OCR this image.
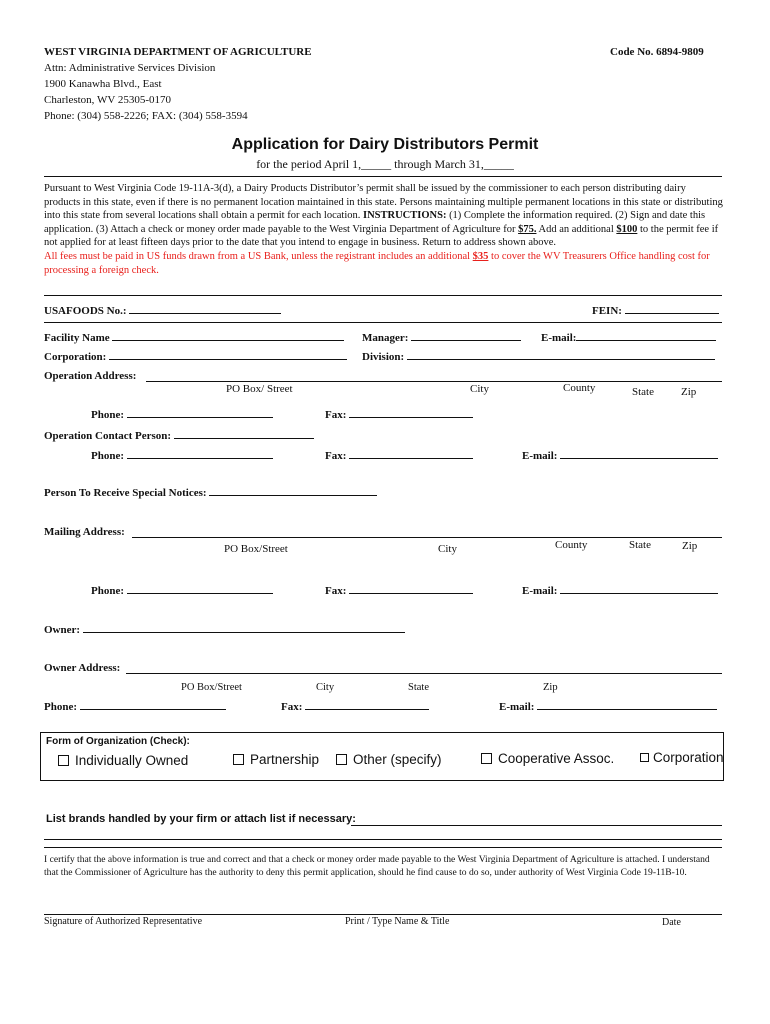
WEST VIRGINIA DEPARTMENT OF AGRICULTURE	Code No. 6894-9809
Attn: Administrative Services Division
1900 Kanawha Blvd., East
Charleston, WV 25305-0170
Phone: (304) 558-2226; FAX: (304) 558-3594
Application for Dairy Distributors Permit
for the period April 1,_____ through March 31,_____
Pursuant to West Virginia Code 19-11A-3(d), a Dairy Products Distributor’s permit shall be issued by the commissioner to each person distributing dairy products in this state, even if there is no permanent location maintained in this state. Persons maintaining multiple permanent locations in this state or distributing into this state from several locations shall obtain a permit for each location. INSTRUCTIONS: (1) Complete the information required. (2) Sign and date this application. (3) Attach a check or money order made payable to the West Virginia Department of Agriculture for $75. Add an additional $100 to the permit fee if not applied for at least fifteen days prior to the date that you intend to engage in business. Return to address shown above.
All fees must be paid in US funds drawn from a US Bank, unless the registrant includes an additional $35 to cover the WV Treasurers Office handling cost for processing a foreign check.
USAFOODS No.:	FEIN:
Facility Name	Manager:	E-mail:
Corporation:	Division:
Operation Address:
PO Box/ Street	City	County	State Zip
Phone:	Fax:
Operation Contact Person:
Phone:	Fax:	E-mail:
Person To Receive Special Notices:
Mailing Address:
PO Box/Street	City	County	State	Zip
Phone:	Fax:	E-mail:
Owner:
Owner Address:
PO Box/Street	City	State	Zip
Phone:	Fax:	E-mail:
Form of Organization (Check):
Individually Owned	Partnership	Other (specify)	Cooperative Assoc.	Corporation
List brands handled by your firm or attach list if necessary:
I certify that the above information is true and correct and that a check or money order made payable to the West Virginia Department of Agriculture is attached. I understand that the Commissioner of Agriculture has the authority to deny this permit application, should he find cause to do so, under authority of West Virginia Code 19-11B-10.
Signature of Authorized Representative	Print / Type Name & Title	Date
